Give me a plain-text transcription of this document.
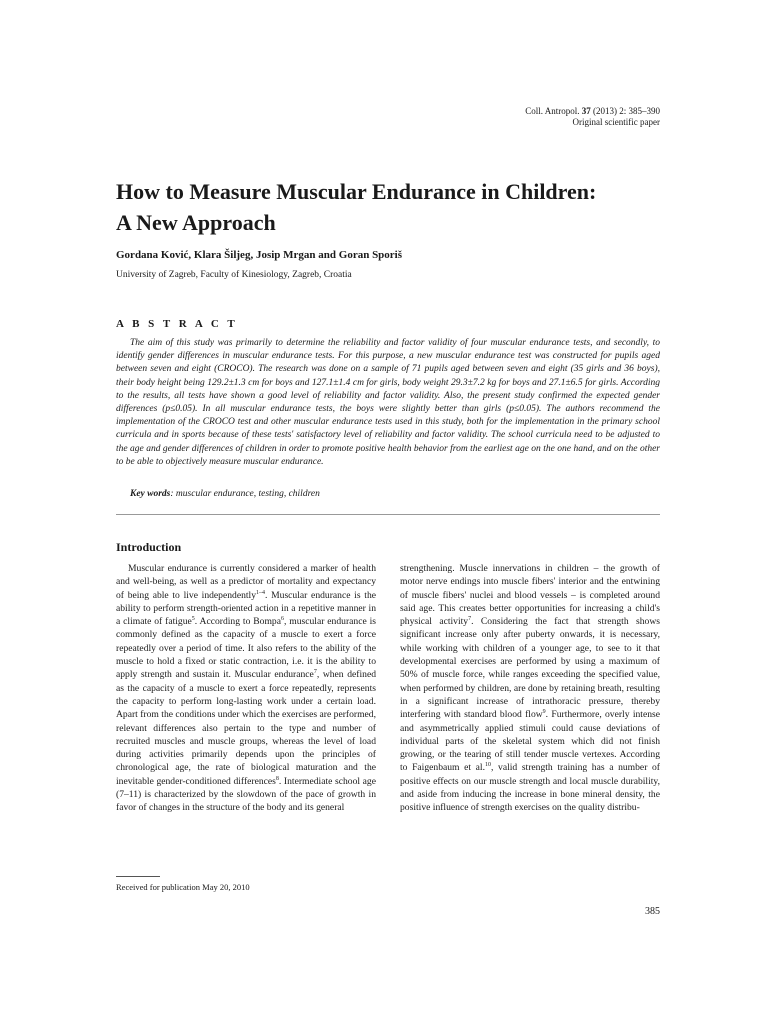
Coll. Antropol. 37 (2013) 2: 385–390
Original scientific paper
How to Measure Muscular Endurance in Children:
A New Approach
Gordana Ković, Klara Šiljeg, Josip Mrgan and Goran Sporiš
University of Zagreb, Faculty of Kinesiology, Zagreb, Croatia
A B S T R A C T

The aim of this study was primarily to determine the reliability and factor validity of four muscular endurance tests, and secondly, to identify gender differences in muscular endurance tests. For this purpose, a new muscular endurance test was constructed for pupils aged between seven and eight (CROCO). The research was done on a sample of 71 pupils aged between seven and eight (35 girls and 36 boys), their body height being 129.2±1.3 cm for boys and 127.1±1.4 cm for girls, body weight 29.3±7.2 kg for boys and 27.1±6.5 for girls. According to the results, all tests have shown a good level of reliability and factor validity. Also, the present study confirmed the expected gender differences (p≤0.05). In all muscular endurance tests, the boys were slightly better than girls (p≤0.05). The authors recommend the implementation of the CROCO test and other muscular endurance tests used in this study, both for the implementation in the primary school curricula and in sports because of these tests' satisfactory level of reliability and factor validity. The school curricula need to be adjusted to the age and gender differences of children in order to promote positive health behavior from the earliest age on the one hand, and on the other to be able to objectively measure muscular endurance.

Key words: muscular endurance, testing, children

Introduction

Muscular endurance is currently considered a marker of health and well-being, as well as a predictor of mortality and expectancy of being able to live independently$^{1-4}$. Muscular endurance is the ability to perform strength-oriented action in a repetitive manner in a climate of fatigue$^5$. According to Bompa$^6$, muscular endurance is commonly defined as the capacity of a muscle to exert a force repeatedly over a period of time. It also refers to the ability of the muscle to hold a fixed or static contraction, i.e. it is the ability to apply strength and sustain it. Muscular endurance$^7$, when defined as the capacity of a muscle to exert a force repeatedly, represents the capacity to perform long-lasting work under a certain load. Apart from the conditions under which the exercises are performed, relevant differences also pertain to the type and number of recruited muscles and muscle groups, whereas the level of load during activities primarily depends upon the principles of chronological age, the rate of biological maturation and the inevitable gender-conditioned differences$^8$. Intermediate school age (7–11) is characterized by the slowdown of the pace of growth in favor of changes in the structure of the body and its general

strengthening. Muscle innervations in children – the growth of motor nerve endings into muscle fibers' interior and the entwining of muscle fibers' nuclei and blood vessels – is completed around said age. This creates better opportunities for increasing a child's physical activity$^7$. Considering the fact that strength shows significant increase only after puberty onwards, it is necessary, while working with children of a younger age, to see to it that developmental exercises are performed by using a maximum of 50% of muscle force, while ranges exceeding the specified value, when performed by children, are done by retaining breath, resulting in a significant increase of intrathoracic pressure, thereby interfering with standard blood flow$^9$. Furthermore, overly intense and asymmetrically applied stimuli could cause deviations of individual parts of the skeletal system which did not finish growing, or the tearing of still tender muscle vertexes. According to Faigenbaum et al.$^{10}$, valid strength training has a number of positive effects on our muscle strength and local muscle durability, and aside from inducing the increase in bone mineral density, the positive influence of strength exercises on the quality distribu-

Received for publication May 20, 2010

385
